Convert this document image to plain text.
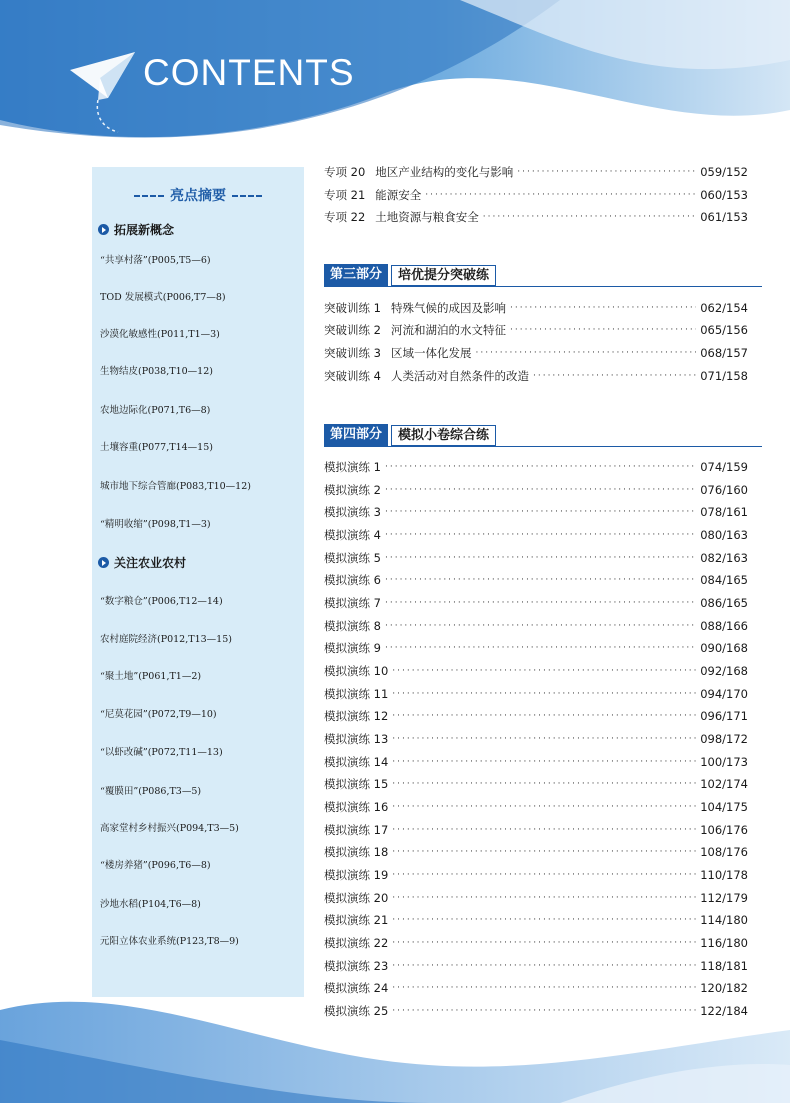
CONTENTS
亮点摘要
拓展新概念
“共享村落”(P005,T5—6)
TOD 发展模式(P006,T7—8)
沙漠化敏感性(P011,T1—3)
生物结皮(P038,T10—12)
农地边际化(P071,T6—8)
土壤容重(P077,T14—15)
城市地下综合管廊(P083,T10—12)
“精明收缩”(P098,T1—3)
关注农业农村
“数字粮仓”(P006,T12—14)
农村庭院经济(P012,T13—15)
“聚土地”(P061,T1—2)
“尼莫花园”(P072,T9—10)
“以虾改碱”(P072,T11—13)
“覆膜田”(P086,T3—5)
高家堂村乡村振兴(P094,T3—5)
“楼房养猪”(P096,T6—8)
沙地水稻(P104,T6—8)
元阳立体农业系统(P123,T8—9)
专项 20 地区产业结构的变化与影响 ·····	059/152
专项 21 能源安全 ·····	060/153
专项 22 土地资源与粮食安全 ·····	061/153
第三部分	培优提分突破练
突破训练 1 特殊气候的成因及影响 ·····	062/154
突破训练 2 河流和湖泊的水文特征 ·····	065/156
突破训练 3 区域一体化发展 ·····	068/157
突破训练 4 人类活动对自然条件的改造 ·····	071/158
第四部分	模拟小卷综合练
模拟演练 1 ·····	074/159
模拟演练 2 ·····	076/160
模拟演练 3 ·····	078/161
模拟演练 4 ·····	080/163
模拟演练 5 ·····	082/163
模拟演练 6 ·····	084/165
模拟演练 7 ·····	086/165
模拟演练 8 ·····	088/166
模拟演练 9 ·····	090/168
模拟演练 10 ·····	092/168
模拟演练 11 ·····	094/170
模拟演练 12 ·····	096/171
模拟演练 13 ·····	098/172
模拟演练 14 ·····	100/173
模拟演练 15 ·····	102/174
模拟演练 16 ·····	104/175
模拟演练 17 ·····	106/176
模拟演练 18 ·····	108/176
模拟演练 19 ·····	110/178
模拟演练 20 ·····	112/179
模拟演练 21 ·····	114/180
模拟演练 22 ·····	116/180
模拟演练 23 ·····	118/181
模拟演练 24 ·····	120/182
模拟演练 25 ·····	122/184
